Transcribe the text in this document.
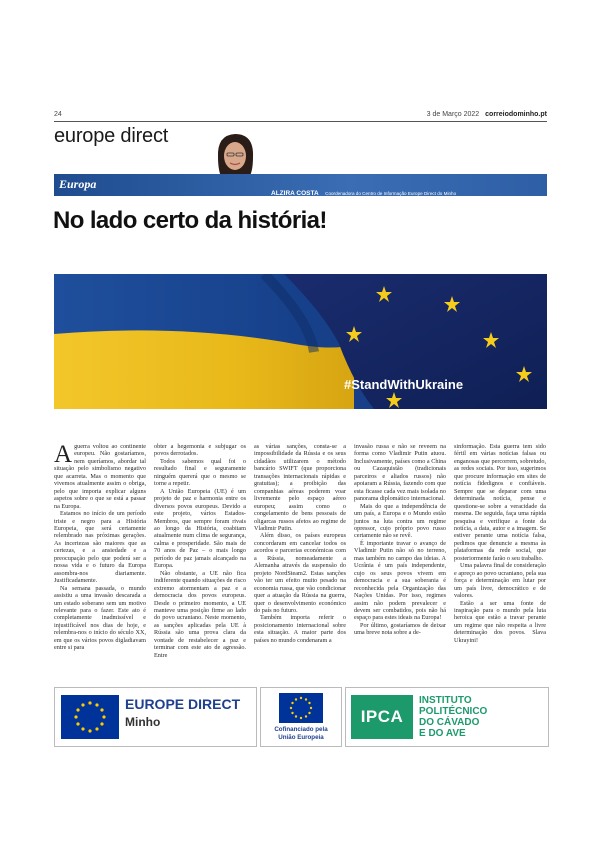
24	3 de Março 2022 correiodominho.pt
europe direct
Europa
ALZIRA COSTA Coordenadora do Centro de Informação Europe Direct do Minho
No lado certo da história!
#StandWithUkraine

A guerra voltou ao continente europeu. Não gostaríamos, nem queríamos, abordar tal situação pelo simbolismo negativo que acarreta. Mas o momento que vivemos atualmente assim o obriga, pelo que importa explicar alguns aspetos sobre o que se está a passar na Europa.

Estamos no início de um período triste e negro para a História Europeia, que será certamente relembrado nas próximas gerações. As incertezas são maiores que as certezas, e a ansiedade e a preocupação pelo que poderá ser a nossa vida e o futuro da Europa assombra-nos diariamente. Justificadamente.

Na semana passada, o mundo assistiu a uma invasão descarada a um estado soberano sem um motivo relevante para o fazer. Este ato é completamente inadmissível e injustificável nos dias de hoje, e relembra-nos o início do século XX, em que os vários povos digladiavam entre si para

obter a hegemonia e subjugar os povos derrotados.

Todos sabemos qual foi o resultado final e seguramente ninguém quererá que o mesmo se torne a repetir.

A União Europeia (UE) é um projeto de paz e harmonia entre os diversos povos europeus. Devido a este projeto, vários Estados-Membros, que sempre foram rivais ao longo da História, coabitam atualmente num clima de segurança, calma e prosperidade. São mais de 70 anos de Paz – o mais longo período de paz jamais alcançado na Europa.

Não obstante, a UE não fica indiferente quando situações de risco extremo atormentam a paz e a democracia dos povos europeus. Desde o primeiro momento, a UE manteve uma posição firme ao lado do povo ucraniano. Neste momento, as sanções aplicadas pela UE à Rússia são uma prova clara da vontade de restabelecer a paz e terminar com este ato de agressão. Entre

as várias sanções, consta-se a impossibilidade da Rússia e os seus cidadãos utilizarem o método bancário SWIFT (que proporciona transações internacionais rápidas e gratuitas); a proibição das companhias aéreas poderem voar livremente pelo espaço aéreo europeu; assim como o congelamento de bens pessoais de oligarcas russos afetos ao regime de Vladimir Putin.

Além disso, os países europeus concordaram em cancelar todos os acordos e parcerias económicas com a Rússia, nomeadamente a Alemanha através da suspensão do projeto NordSteam2. Estas sanções vão ter um efeito muito pesado na economia russa, que vão condicionar quer a atuação da Rússia na guerra, quer o desenvolvimento económico do país no futuro.

Também importa referir o posicionamento internacional sobre esta situação. A maior parte dos países no mundo condenaram a

invasão russa e não se reveem na forma como Vladimir Putin atuou. Inclusivamente, países como a China ou Cazaquistão (tradicionais parceiros e aliados russos) não apoiaram a Rússia, fazendo com que esta ficasse cada vez mais isolada no panorama diplomático internacional.

Mais do que a independência de um país, a Europa e o Mundo estão juntos na luta contra um regime opressor, cujo próprio povo russo certamente não se revê.

É importante travar o avanço de Vladimir Putin não só no terreno, mas também no campo das ideias. A Ucrânia é um país independente, cujo os seus povos vivem em democracia e a sua soberania é reconhecida pela Organização das Nações Unidas. Por isso, regimes assim não podem prevalecer e devem ser combatidos, pois não há espaço para estes ideais na Europa!

Por último, gostaríamos de deixar uma breve nota sobre a de-

sinformação. Esta guerra tem sido fértil em várias notícias falsas ou enganosas que percorrem, sobretudo, as redes sociais. Por isso, sugerimos que procure informação em sites de notícia fidedignos e confiáveis. Sempre que se deparar com uma determinada notícia, pense e questione-se sobre a veracidade da mesma. De seguida, faça uma rápida pesquisa e verifique a fonte da notícia, a data, autor e a imagem. Se estiver perante uma notícia falsa, pedimos que denuncie a mesma às plataformas da rede social, que posteriormente farão o seu trabalho.

Uma palavra final de consideração e apreço ao povo ucraniano, pela sua força e determinação em lutar por um país livre, democrático e de valores.

Estão a ser uma fonte de inspiração para o mundo pela luta heroica que estão a travar perante um regime que não respeita a livre determinação dos povos. Slava Ukrayini!

EUROPE DIRECT
Minho
Cofinanciado pela
União Europeia
IPCA
INSTITUTO
POLITÉCNICO
DO CÁVADO
E DO AVE
